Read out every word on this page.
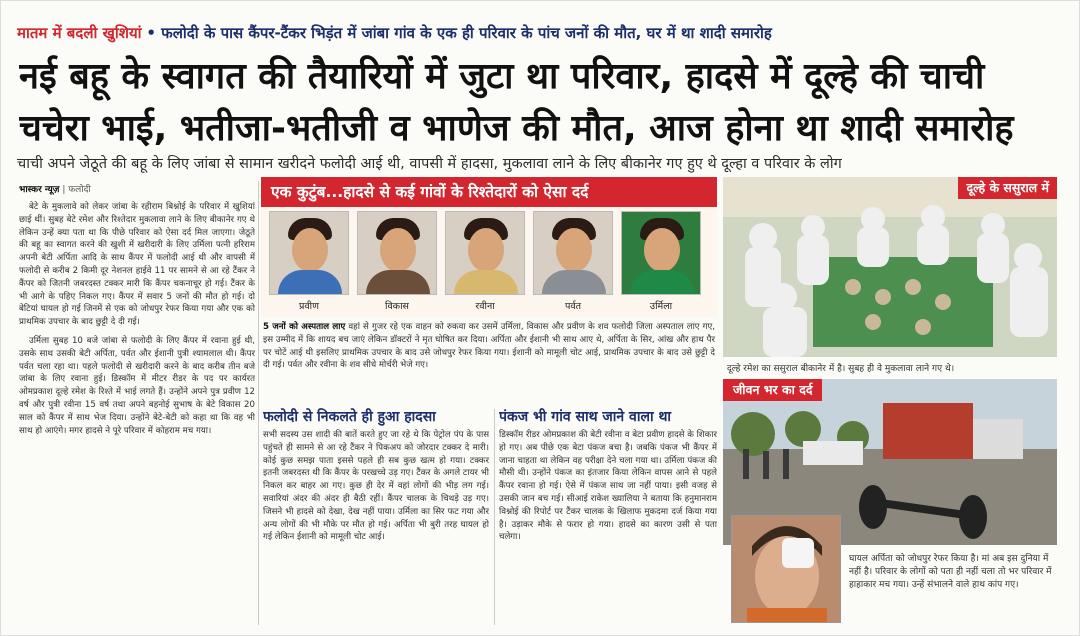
मातम में बदली खुशियां • फलोदी के पास कैंपर-टैंकर भिड़ंत में जांबा गांव के एक ही परिवार के पांच जनों की मौत, घर में था शादी समारोह
नई बहू के स्वागत की तैयारियों में जुटा था परिवार, हादसे में दूल्हे की चाची
चचेरा भाई, भतीजा-भतीजी व भाणेज की मौत, आज होना था शादी समारोह
चाची अपने जेठूते की बहू के लिए जांबा से सामान खरीदने फलोदी आई थी, वापसी में हादसा, मुकलावा लाने के लिए बीकानेर गए हुए थे दूल्हा व परिवार के लोग
भास्कर न्यूज़ | फलोदी

बेटे के मुकलावे को लेकर जांबा के रहीराम बिश्नोई के परिवार में खुशियां छाई थीं। सुबह बेटे रमेश और रिश्तेदार मुकलावा लाने के लिए बीकानेर गए थे लेकिन उन्हें क्या पता था कि पीछे परिवार को ऐसा दर्द मिल जाएगा। जेठूते की बहू का स्वागत करने की खुशी में खरीदारी के लिए उर्मिला पत्नी हरिराम अपनी बेटी अर्पिता आदि के साथ कैंपर में फलोदी आई थी और वापसी में फलोदी से करीब 2 किमी दूर नेशनल हाईवे 11 पर सामने से आ रहे टैंकर ने कैंपर को जितनी जबरदस्त टक्कर मारी कि कैंपर चकनाचूर हो गई। टैंकर के भी आगे के पहिए निकल गए। कैंपर में सवार 5 जनों की मौत हो गई। दो बेटियां घायल हो गई जिनमें से एक को जोधपुर रेफर किया गया और एक को प्राथमिक उपचार के बाद छुट्टी दे दी गई।

उर्मिला सुबह 10 बजे जांबा से फलोदी के लिए कैंपर में रवाना हुई थी, उसके साथ उसकी बेटी अर्पिता, पर्वत और ईशानी पुत्री श्यामलाल थी। कैंपर पर्वत चला रहा था। पहले फलोदी से खरीदारी करने के बाद करीब तीन बजे जांबा के लिए रवाना हुई। डिस्कॉम में मीटर रीडर के पद पर कार्यरत ओमप्रकाश दूल्हे रमेश के रिश्ते में भाई लगते हैं। उन्होंने अपने पुत्र प्रवीण 12 वर्ष और पुत्री रवीना 15 वर्ष तथा अपने बहनोई सुभाष के बेटे विकास 20 साल को कैंपर में साथ भेज दिया। उन्होंने बेटे-बेटी को कहा था कि वह भी साथ हो आएंगे। मगर हादसे ने पूरे परिवार में कोहराम मच गया।

एक कुटुंब...हादसे से कई गांवों के रिश्तेदारों को ऐसा दर्द
प्रवीण	विकास	रवीना	पर्वत	उर्मिला
5 जनों को अस्पताल लाए वहां से गुजर रहे एक वाहन को रुकवा कर उसमें उर्मिला, विकास और प्रवीण के शव फलोदी जिला अस्पताल लाए गए, इस उम्मीद में कि शायद बच जाएं लेकिन डॉक्टरों ने मृत घोषित कर दिया। अर्पिता और ईशानी भी साथ आए थे, अर्पिता के सिर, आंख और हाथ पैर पर चोटें आई थी इसलिए प्राथमिक उपचार के बाद उसे जोधपुर रेफर किया गया। ईशानी को मामूली चोट आई, प्राथमिक उपचार के बाद उसे छुट्टी दे दी गई। पर्वत और रवीना के शव सीधे मोर्चरी भेजे गए।
फलोदी से निकलते ही हुआ हादसा
सभी सदस्य उस शादी की बातें करते हुए जा रहे थे कि पेट्रोल पंप के पास पहुंचते ही सामने से आ रहे टैंकर ने पिकअप को जोरदार टक्कर दे मारी। कोई कुछ समझ पाता इससे पहले ही सब कुछ खत्म हो गया। टक्कर इतनी जबरदस्त थी कि कैंपर के परखच्चे उड़ गए। टैंकर के अगले टायर भी निकल कर बाहर आ गए। कुछ ही देर में वहां लोगों की भीड़ लग गई। सवारियां अंदर की अंदर ही बैठी रहीं। कैंपर चालक के चिथड़े उड़ गए। जिसने भी हादसे को देखा, देख नहीं पाया। उर्मिला का सिर फट गया और अन्य लोगों की भी मौके पर मौत हो गई। अर्पिता भी बुरी तरह घायल हो गई लेकिन ईशानी को मामूली चोट आई।
पंकज भी गांव साथ जाने वाला था
डिस्कॉम रीडर ओमप्रकाश की बेटी रवीना व बेटा प्रवीण हादसे के शिकार हो गए। अब पीछे एक बेटा पंकज बचा है। जबकि पंकज भी कैंपर में जाना चाहता था लेकिन वह परीक्षा देने चला गया था। उर्मिला पंकज की मौसी थी। उन्होंने पंकज का इंतजार किया लेकिन वापस आने से पहले कैंपर रवाना हो गई। ऐसे में पंकज साथ जा नहीं पाया। इसी वजह से उसकी जान बच गई। सीआई राकेश ख्यालिया ने बताया कि हनुमानराम विश्नोई की रिपोर्ट पर टैंकर चालक के खिलाफ मुकदमा दर्ज किया गया है। उड़ाकर मौके से फरार हो गया। हादसे का कारण उसी से पता चलेगा।
दूल्हे के ससुराल में
दूल्हे रमेश का ससुराल बीकानेर में है। सुबह ही वे मुकलावा लाने गए थे।
जीवन भर का दर्द
घायल अर्पिता को जोधपुर रेफर किया है। मां अब इस दुनिया में नहीं है। परिवार के लोगों को पता ही नहीं चला तो भर परिवार में हाहाकार मच गया। उन्हें संभालने वाले हाथ कांप गए।
